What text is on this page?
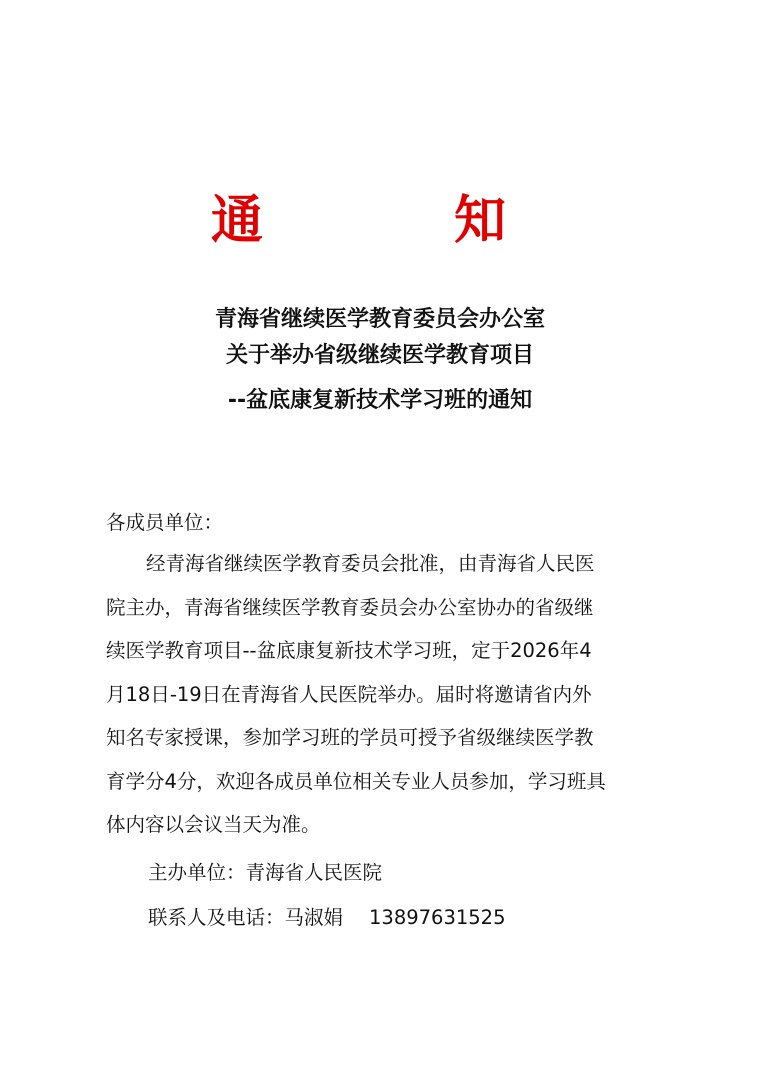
通	知
青海省继续医学教育委员会办公室
关于举办省级继续医学教育项目
--盆底康复新技术学习班的通知
各成员单位：
经青海省继续医学教育委员会批准，由青海省人民医
院主办，青海省继续医学教育委员会办公室协办的省级继
续医学教育项目--盆底康复新技术学习班，定于2026年4
月18日-19日在青海省人民医院举办。届时将邀请省内外
知名专家授课，参加学习班的学员可授予省级继续医学教
育学分4分，欢迎各成员单位相关专业人员参加，学习班具
体内容以会议当天为准。
主办单位：青海省人民医院
联系人及电话：马淑娟 13897631525
